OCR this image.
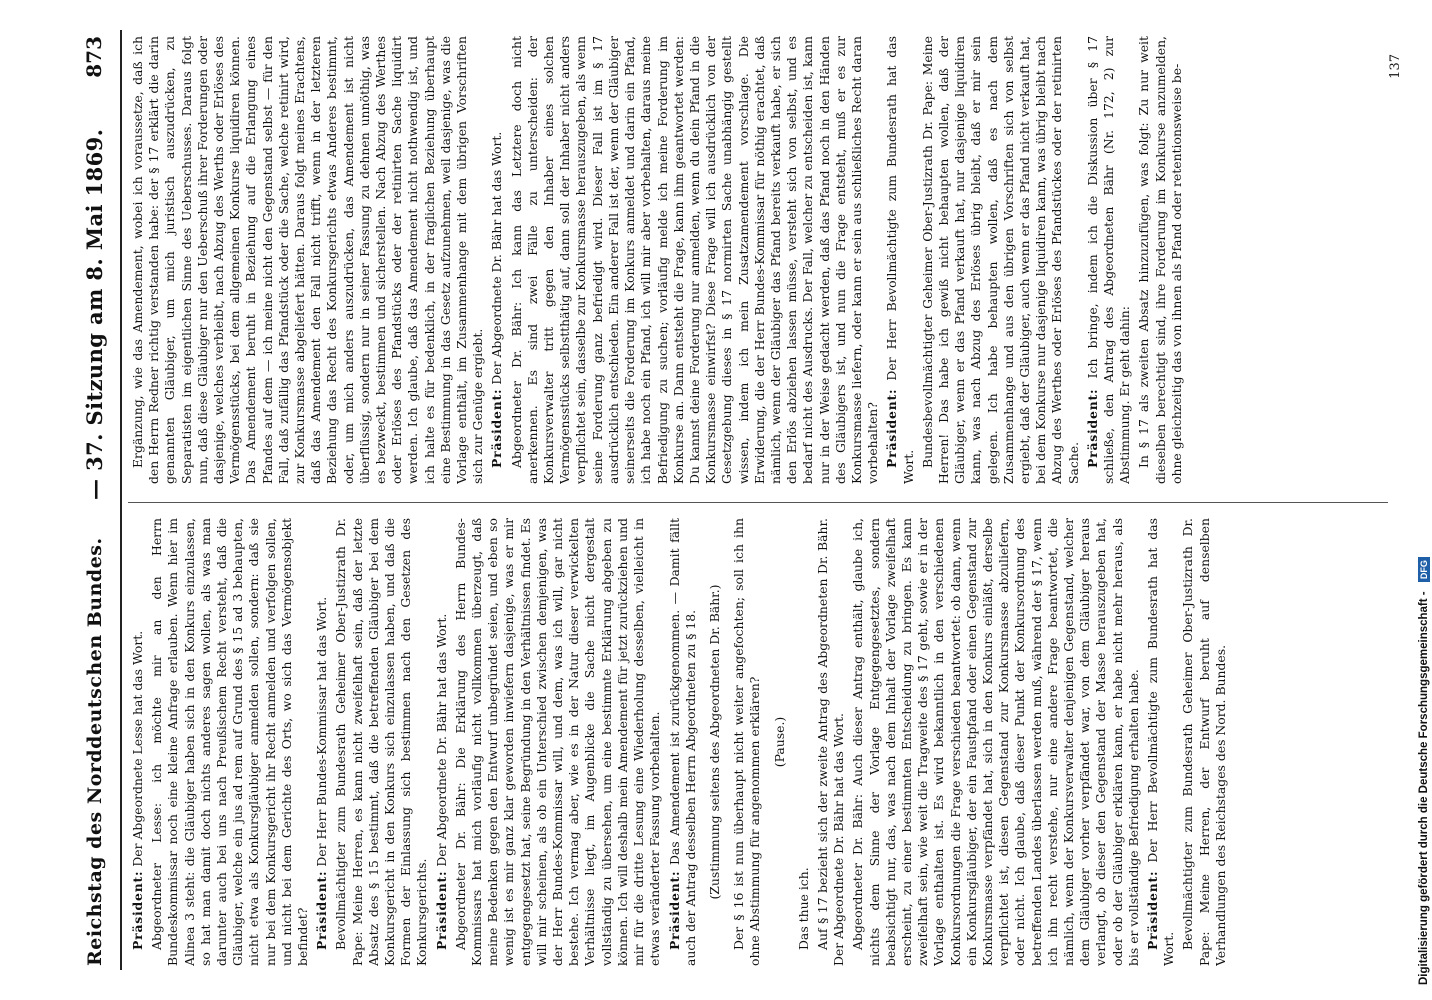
Reichstag des Norddeutschen Bundes.
— 37. Sitzung am 8. Mai 1869.
873

Präsident: Der Abgeordnete Lesse hat das Wort. Abgeordneter Lesse: ich möchte mir an den Herrn Bundeskommissar noch eine kleine Anfrage erlauben. Wenn hier im Alinea 3 steht: die Gläubiger haben sich in den Konkurs einzulassen, so hat man damit doch nichts anderes sagen wollen, als was man darunter auch bei uns nach Preußischem Recht versteht, daß die Gläubiger, welche ein jus ad rem auf Grund des § 15 ad 3 behaupten, nicht etwa als Konkursgläubiger anmelden sollen, sondern: daß sie nur bei dem Konkursgericht ihr Recht anmelden und verfolgen sollen, und nicht bei dem Gerichte des Orts, wo sich das Vermögensobjekt befindet? Präsident: Der Herr Bundes-Kommissar hat das Wort. Bevollmächtigter zum Bundesrath Geheimer Ober-Justizrath Dr. Pape: Meine Herren, es kann nicht zweifelhaft sein, daß der letzte Absatz des § 15 bestimmt, daß die betreffenden Gläubiger bei dem Konkursgericht in den Konkurs sich einzulassen haben, und daß die Formen der Einlassung sich bestimmen nach den Gesetzen des Konkursgerichts. Präsident: Der Abgeordnete Dr. Bähr hat das Wort. Abgeordneter Dr. Bähr: Die Erklärung des Herrn Bundes-Kommissars hat mich vorläufig nicht vollkommen überzeugt, daß meine Bedenken gegen den Entwurf unbegründet seien, und eben so wenig ist es mir ganz klar geworden inwiefern dasjenige, was er mir entgegengesetzt hat, seine Begründung in den Verhältnissen findet. Es will mir scheinen, als ob ein Unterschied zwischen demjenigen, was der Herr Bundes-Kommissar will, und dem, was ich will, gar nicht bestehe. Ich vermag aber, wie es in der Natur dieser verwickelten Verhältnisse liegt, im Augenblicke die Sache nicht dergestalt vollständig zu übersehen, um eine bestimmte Erklärung abgeben zu können. Ich will deshalb mein Amendement für jetzt zurückziehen und mir für die dritte Lesung eine Wiederholung desselben, vielleicht in etwas veränderter Fassung vorbehalten. Präsident: Das Amendement ist zurückgenommen. — Damit fällt auch der Antrag desselben Herrn Abgeordneten zu § 18. (Zustimmung seitens des Abgeordneten Dr. Bähr.) Der § 16 ist nun überhaupt nicht weiter angefochten; soll ich ihn ohne Abstimmung für angenommen erklären? (Pause.)

Das thue ich. Auf § 17 bezieht sich der zweite Antrag des Abgeordneten Dr. Bähr. Der Abgeordnete Dr. Bähr hat das Wort. Abgeordneter Dr. Bähr: Auch dieser Antrag enthält, glaube ich, nichts dem Sinne der Vorlage Entgegengesetztes, sondern beabsichtigt nur, das, was nach dem Inhalt der Vorlage zweifelhaft erscheint, zu einer bestimmten Entscheidung zu bringen. Es kann zweifelhaft sein, wie weit die Tragweite des § 17 geht, sowie er in der Vorlage enthalten ist. Es wird bekanntlich in den verschiedenen Konkursordnungen die Frage verschieden beantwortet: ob dann, wenn ein Konkursgläubiger, der ein Faustpfand oder einen Gegenstand zur Konkursmasse verpfändet hat, sich in den Konkurs einläßt, derselbe verpflichtet ist, diesen Gegenstand zur Konkursmasse abzuliefern, oder nicht. Ich glaube, daß dieser Punkt der Konkursordnung des betreffenden Landes überlassen werden muß, während der § 17, wenn ich ihn recht verstehe, nur eine andere Frage beantwortet, die nämlich, wenn der Konkursverwalter denjenigen Gegenstand, welcher dem Gläubiger vorher verpfändet war, von dem Gläubiger heraus verlangt, ob dieser den Gegenstand der Masse herauszugeben hat, oder ob der Gläubiger erklären kann, er habe nicht mehr heraus, als bis er vollständige Befriedigung erhalten habe. Präsident: Der Herr Bevollmächtigte zum Bundesrath hat das Wort. Bevollmächtigter zum Bundesrath Geheimer Ober-Justizrath Dr. Pape: Meine Herren, der Entwurf beruht auf denselben Verhandlungen des Reichstages des Nord. Bundes.

Ergänzung, wie das Amendement, wobei ich voraussetze, daß ich den Herrn Redner richtig verstanden habe: der § 17 erklärt die darin genannten Gläubiger, um mich juristisch auszudrücken, zu Separatisten im eigentlichen Sinne des Ueberschusses. Daraus folgt nun, daß diese Gläubiger nur den Ueberschuß ihrer Forderungen oder dasjenige, welches verbleibt, nach Abzug des Werths oder Erlöses des Vermögensstücks, bei dem allgemeinen Konkurse liquidiren können. Das Amendement beruht in Beziehung auf die Erlangung eines Pfandes auf dem — ich meine nicht den Gegenstand selbst — für den Fall, daß zufällig das Pfandstück oder die Sache, welche retinirt wird, zur Konkursmasse abgeliefert hätten. Daraus folgt meines Erachtens, daß das Amendement den Fall nicht trifft, wenn in der letzteren Beziehung das Recht des Konkursgerichts etwas Anderes bestimmt, oder, um mich anders auszudrücken, das Amendement ist nicht überflüssig, sondern nur in seiner Fassung zu dehnen unnöthig, was es bezweckt, bestimmen und sicherstellen. Nach Abzug des Werthes oder Erlöses des Pfandstücks oder der retinirten Sache liquidirt werden. Ich glaube, daß das Amendement nicht nothwendig ist, und ich halte es für bedenklich, in der fraglichen Beziehung überhaupt eine Bestimmung in das Gesetz aufzunehmen, weil dasjenige, was die Vorlage enthält, im Zusammenhange mit dem übrigen Vorschriften sich zur Genüge ergiebt. Präsident: Der Abgeordnete Dr. Bähr hat das Wort. Abgeordneter Dr. Bähr: Ich kann das Letztere doch nicht anerkennen. Es sind zwei Fälle zu unterscheiden: der Konkursverwalter tritt gegen den Inhaber eines solchen Vermögensstücks selbstthätig auf, dann soll der Inhaber nicht anders verpflichtet sein, dasselbe zur Konkursmasse herauszugeben, als wenn seine Forderung ganz befriedigt wird. Dieser Fall ist im § 17 ausdrücklich entschieden. Ein anderer Fall ist der, wenn der Gläubiger seinerseits die Forderung im Konkurs anmeldet und darin ein Pfand, ich habe noch ein Pfand, ich will mir aber vorbehalten, daraus meine Befriedigung zu suchen; vorläufig melde ich meine Forderung im Konkurse an. Dann entsteht die Frage, kann ihm geantwortet werden: Du kannst deine Forderung nur anmelden, wenn du dein Pfand in die Konkursmasse einwirfst? Diese Frage will ich ausdrücklich von der Gesetzgebung dieses in § 17 normirten Sache unabhängig gestellt wissen, indem ich mein Zusatzamendement vorschlage. Die Erwiderung, die der Herr Bundes-Kommissar für nöthig erachtet, daß nämlich, wenn der Gläubiger das Pfand bereits verkauft habe, er sich den Erlös abziehen lassen müsse, versteht sich von selbst, und es bedarf nicht des Ausdrucks. Der Fall, welcher zu entscheiden ist, kann nur in der Weise gedacht werden, daß das Pfand noch in den Händen des Gläubigers ist, und nun die Frage entsteht, muß er es zur Konkursmasse liefern, oder kann er sein aus schließliches Recht daran vorbehalten? Präsident: Der Herr Bevollmächtigte zum Bundesrath hat das Wort. Bundesbevollmächtigter Geheimer Ober-Justizrath Dr. Pape: Meine Herren! Das habe ich gewiß nicht behaupten wollen, daß der Gläubiger, wenn er das Pfand verkauft hat, nur dasjenige liquidiren kann, was nach Abzug des Erlöses übrig bleibt, daß er mir sein gelegen. Ich habe behaupten wollen, daß es nach dem Zusammenhange und aus den übrigen Vorschriften sich von selbst ergiebt, daß der Gläubiger, auch wenn er das Pfand nicht verkauft hat, bei dem Konkurse nur dasjenige liquidiren kann, was übrig bleibt nach Abzug des Werthes oder Erlöses des Pfandstückes oder der retinirten Sache. Präsident: Ich bringe, indem ich die Diskussion über § 17 schließe, den Antrag des Abgeordneten Bähr (Nr. 172, 2) zur Abstimmung. Er geht dahin: In § 17 als zweiten Absatz hinzuzufügen, was folgt: Zu nur weit dieselben berechtigt sind, ihre Forderung im Konkurse anzumelden, ohne gleichzeitig das von ihnen als Pfand oder retentionsweise be-	137
Digitalisierung gefördert durch die Deutsche Forschungsgemeinschaft - DFG
